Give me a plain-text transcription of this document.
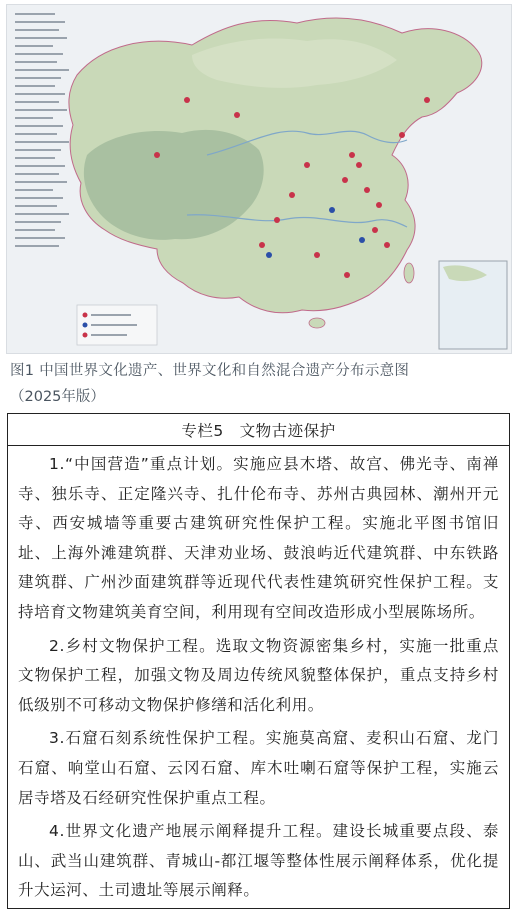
图1 中国世界文化遗产、世界文化和自然混合遗产分布示意图
（2025年版）
专栏5　文物古迹保护

1.“中国营造”重点计划。实施应县木塔、故宫、佛光寺、南禅寺、独乐寺、正定隆兴寺、扎什伦布寺、苏州古典园林、潮州开元寺、西安城墙等重要古建筑研究性保护工程。实施北平图书馆旧址、上海外滩建筑群、天津劝业场、鼓浪屿近代建筑群、中东铁路建筑群、广州沙面建筑群等近现代代表性建筑研究性保护工程。支持培育文物建筑美育空间，利用现有空间改造形成小型展陈场所。

2.乡村文物保护工程。选取文物资源密集乡村，实施一批重点文物保护工程，加强文物及周边传统风貌整体保护，重点支持乡村低级别不可移动文物保护修缮和活化利用。

3.石窟石刻系统性保护工程。实施莫高窟、麦积山石窟、龙门石窟、响堂山石窟、云冈石窟、库木吐喇石窟等保护工程，实施云居寺塔及石经研究性保护重点工程。

4.世界文化遗产地展示阐释提升工程。建设长城重要点段、泰山、武当山建筑群、青城山-都江堰等整体性展示阐释体系，优化提升大运河、土司遗址等展示阐释。
